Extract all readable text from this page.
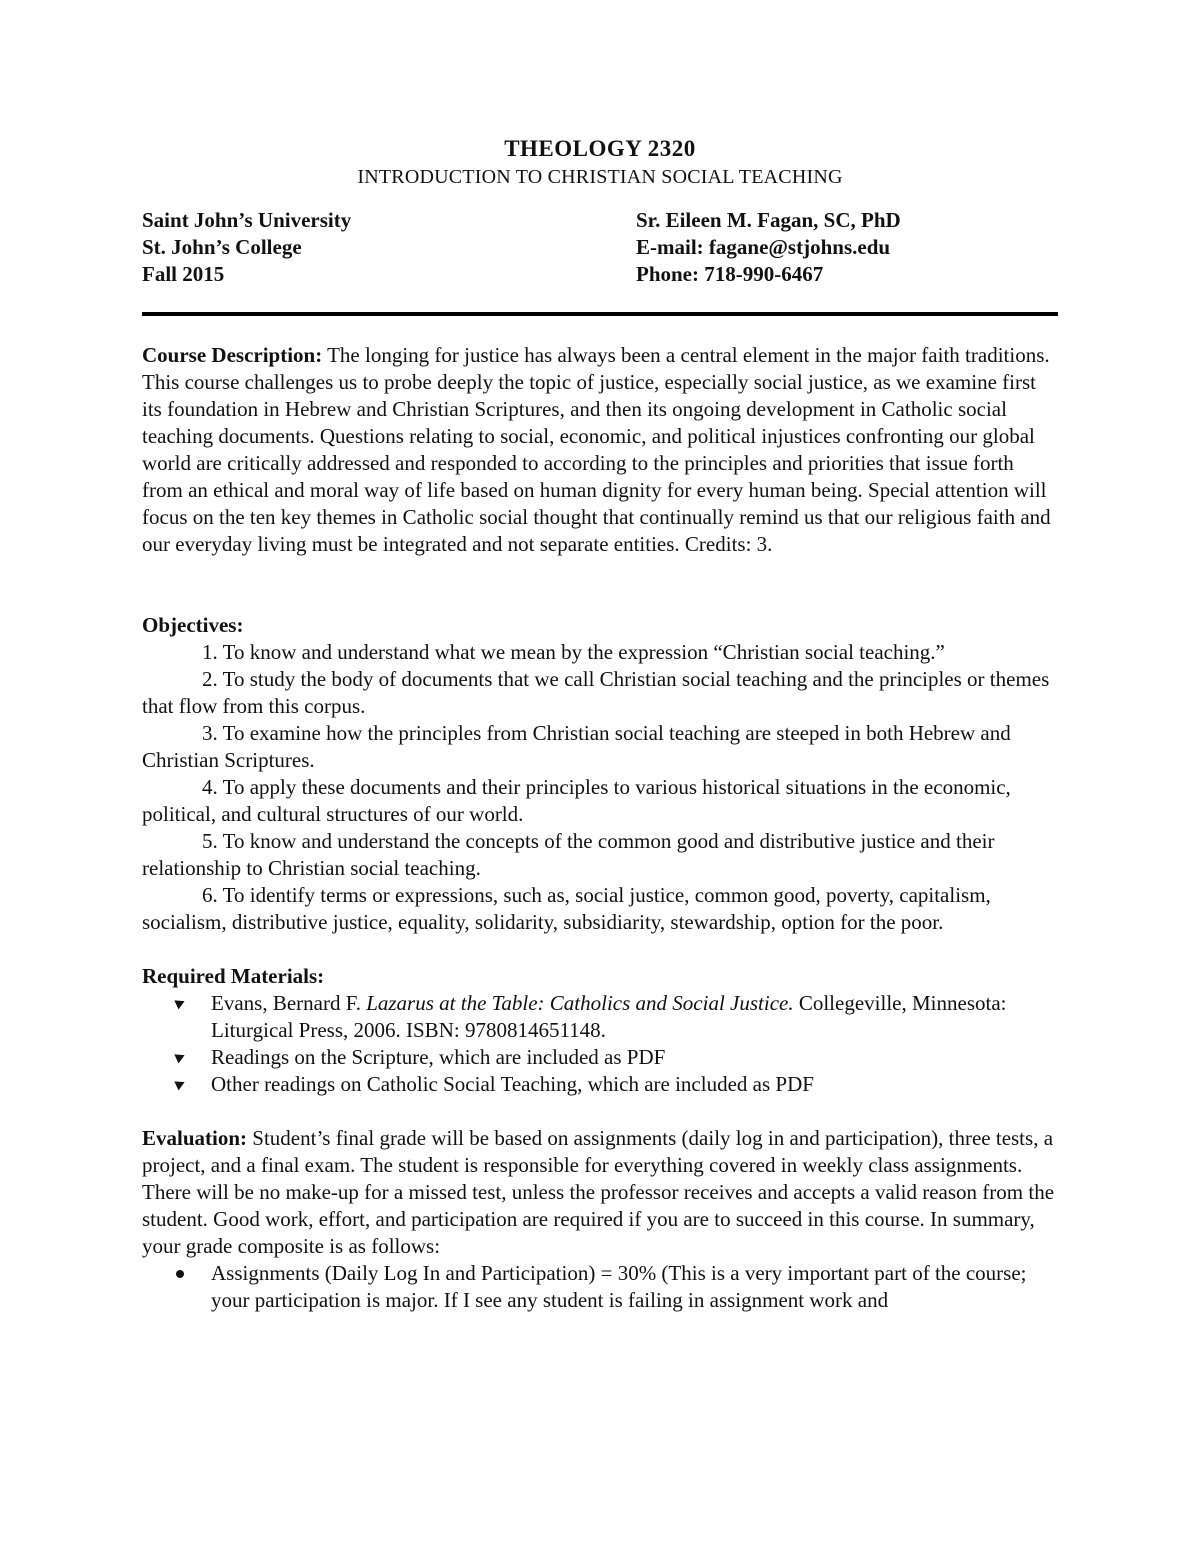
THEOLOGY 2320
INTRODUCTION TO CHRISTIAN SOCIAL TEACHING
Saint John’s University
St. John’s College
Fall 2015
Sr. Eileen M. Fagan, SC, PhD
E-mail: fagane@stjohns.edu
Phone: 718-990-6467
Course Description: The longing for justice has always been a central element in the major faith traditions. This course challenges us to probe deeply the topic of justice, especially social justice, as we examine first its foundation in Hebrew and Christian Scriptures, and then its ongoing development in Catholic social teaching documents. Questions relating to social, economic, and political injustices confronting our global world are critically addressed and responded to according to the principles and priorities that issue forth from an ethical and moral way of life based on human dignity for every human being. Special attention will focus on the ten key themes in Catholic social thought that continually remind us that our religious faith and our everyday living must be integrated and not separate entities. Credits: 3.
Objectives:
1. To know and understand what we mean by the expression “Christian social teaching.”
2. To study the body of documents that we call Christian social teaching and the principles or themes that flow from this corpus.
3. To examine how the principles from Christian social teaching are steeped in both Hebrew and Christian Scriptures.
4. To apply these documents and their principles to various historical situations in the economic, political, and cultural structures of our world.
5. To know and understand the concepts of the common good and distributive justice and their relationship to Christian social teaching.
6. To identify terms or expressions, such as, social justice, common good, poverty, capitalism, socialism, distributive justice, equality, solidarity, subsidiarity, stewardship, option for the poor.
Required Materials:
Evans, Bernard F. Lazarus at the Table: Catholics and Social Justice. Collegeville, Minnesota: Liturgical Press, 2006. ISBN: 9780814651148.
Readings on the Scripture, which are included as PDF
Other readings on Catholic Social Teaching, which are included as PDF
Evaluation: Student’s final grade will be based on assignments (daily log in and participation), three tests, a project, and a final exam. The student is responsible for everything covered in weekly class assignments. There will be no make-up for a missed test, unless the professor receives and accepts a valid reason from the student. Good work, effort, and participation are required if you are to succeed in this course. In summary, your grade composite is as follows:
Assignments (Daily Log In and Participation) = 30% (This is a very important part of the course; your participation is major. If I see any student is failing in assignment work and
